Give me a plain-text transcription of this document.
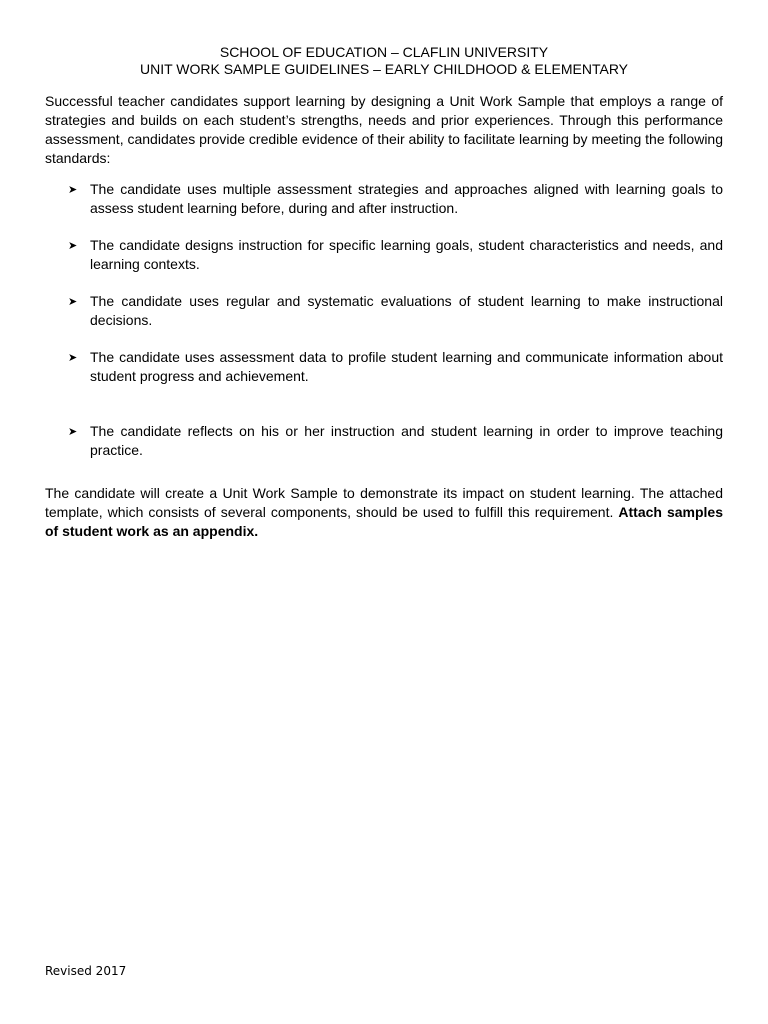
SCHOOL OF EDUCATION – CLAFLIN UNIVERSITY
UNIT WORK SAMPLE GUIDELINES – EARLY CHILDHOOD & ELEMENTARY

Successful teacher candidates support learning by designing a Unit Work Sample that employs a range of strategies and builds on each student’s strengths, needs and prior experiences. Through this performance assessment, candidates provide credible evidence of their ability to facilitate learning by meeting the following standards:

➤ The candidate uses multiple assessment strategies and approaches aligned with learning goals to assess student learning before, during and after instruction.
➤ The candidate designs instruction for specific learning goals, student characteristics and needs, and learning contexts.
➤ The candidate uses regular and systematic evaluations of student learning to make instructional decisions.
➤ The candidate uses assessment data to profile student learning and communicate information about student progress and achievement.
➤ The candidate reflects on his or her instruction and student learning in order to improve teaching practice.

The candidate will create a Unit Work Sample to demonstrate its impact on student learning. The attached template, which consists of several components, should be used to fulfill this requirement. Attach samples of student work as an appendix.

Revised 2017
